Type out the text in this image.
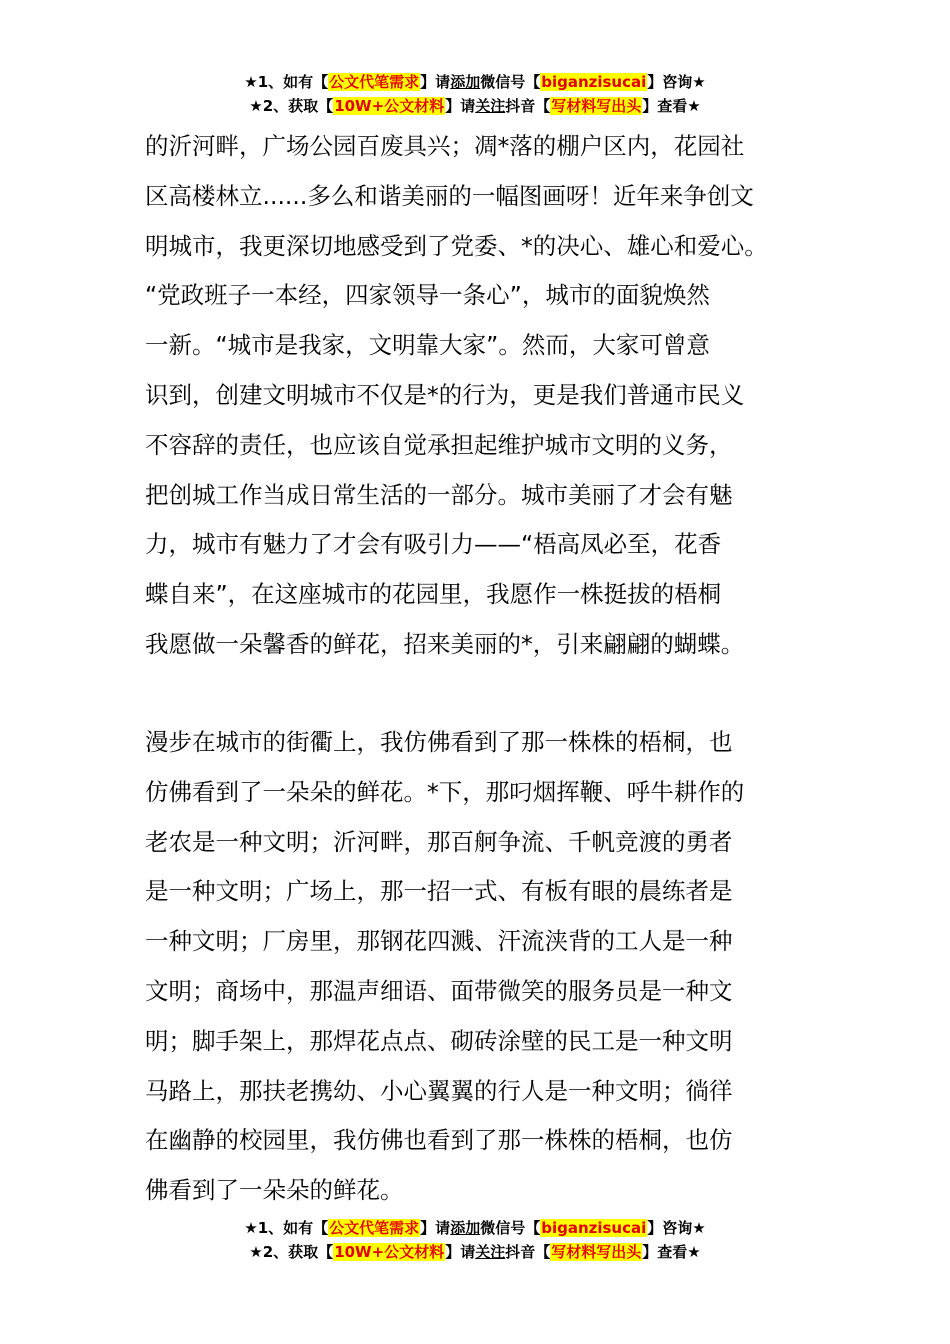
★1、如有【公文代笔需求】请添加微信号【biganzisucai】咨询★
★2、获取【10W+公文材料】请关注抖音【写材料写出头】查看★
的沂河畔，广场公园百废具兴；凋*落的棚户区内，花园社
区高楼林立......多么和谐美丽的一幅图画呀！近年来争创文
明城市，我更深切地感受到了党委、*的决心、雄心和爱心。
“党政班子一本经，四家领导一条心”，城市的面貌焕然
一新。“城市是我家，文明靠大家”。然而，大家可曾意
识到，创建文明城市不仅是*的行为，更是我们普通市民义
不容辞的责任，也应该自觉承担起维护城市文明的义务，
把创城工作当成日常生活的一部分。城市美丽了才会有魅
力，城市有魅力了才会有吸引力——“梧高凤必至，花香
蝶自来”，在这座城市的花园里，我愿作一株挺拔的梧桐
我愿做一朵馨香的鲜花，招来美丽的*，引来翩翩的蝴蝶。
漫步在城市的街衢上，我仿佛看到了那一株株的梧桐，也
仿佛看到了一朵朵的鲜花。*下，那叼烟挥鞭、呼牛耕作的
老农是一种文明；沂河畔，那百舸争流、千帆竞渡的勇者
是一种文明；广场上，那一招一式、有板有眼的晨练者是
一种文明；厂房里，那钢花四溅、汗流浃背的工人是一种
文明；商场中，那温声细语、面带微笑的服务员是一种文
明；脚手架上，那焊花点点、砌砖涂壁的民工是一种文明
马路上，那扶老携幼、小心翼翼的行人是一种文明；徜徉
在幽静的校园里，我仿佛也看到了那一株株的梧桐，也仿
佛看到了一朵朵的鲜花。
★1、如有【公文代笔需求】请添加微信号【biganzisucai】咨询★
★2、获取【10W+公文材料】请关注抖音【写材料写出头】查看★
